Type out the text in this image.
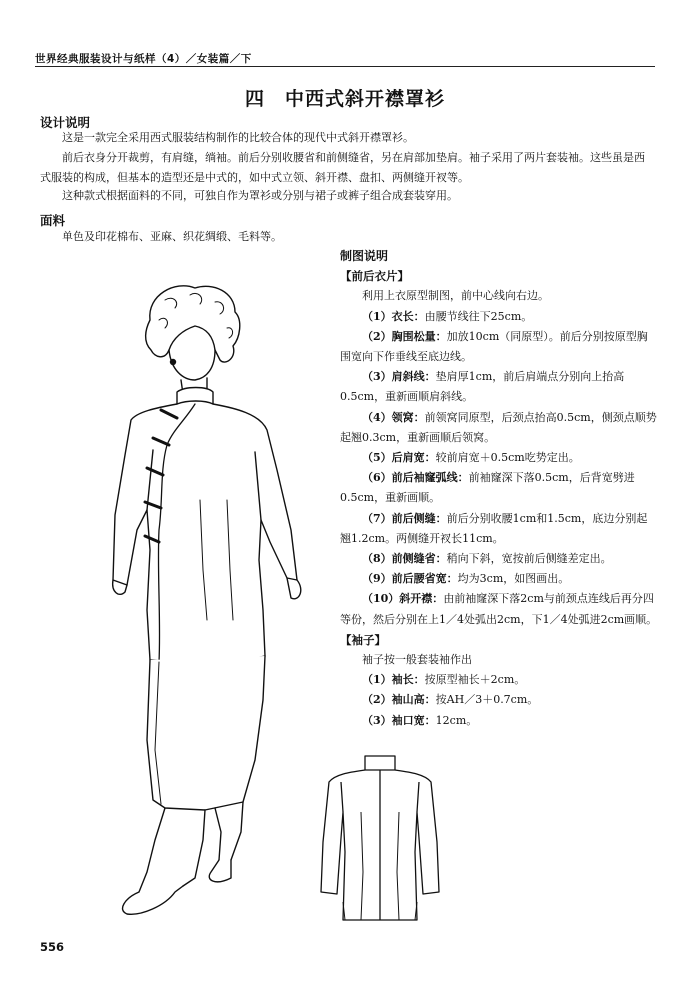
世界经典服装设计与纸样（4）／女装篇／下
四　中西式斜开襟罩衫
设计说明

这是一款完全采用西式服装结构制作的比较合体的现代中式斜开襟罩衫。

前后衣身分开裁剪，有肩缝，绱袖。前后分别收腰省和前侧缝省，另在肩部加垫肩。袖子采用了两片套装袖。这些虽是西式服装的构成，但基本的造型还是中式的，如中式立领、斜开襟、盘扣、两侧缝开衩等。

这种款式根据面料的不同，可独自作为罩衫或分别与裙子或裤子组合成套装穿用。

面料

单色及印花棉布、亚麻、织花绸缎、毛料等。

制图说明
【前后衣片】

利用上衣原型制图，前中心线向右边。

（1）衣长：由腰节线往下25cm。

（2）胸围松量：加放10cm（同原型）。前后分别按原型胸围宽向下作垂线至底边线。

（3）肩斜线：垫肩厚1cm，前后肩端点分别向上抬高0.5cm，重新画顺肩斜线。

（4）领窝：前领窝同原型，后颈点抬高0.5cm，侧颈点顺势起翘0.3cm，重新画顺后领窝。

（5）后肩宽：较前肩宽＋0.5cm吃势定出。

（6）前后袖窿弧线：前袖窿深下落0.5cm，后背宽劈进0.5cm，重新画顺。

（7）前后侧缝：前后分别收腰1cm和1.5cm，底边分别起翘1.2cm。两侧缝开衩长11cm。

（8）前侧缝省：稍向下斜，宽按前后侧缝差定出。

（9）前后腰省宽：均为3cm，如图画出。

（10）斜开襟：由前袖窿深下落2cm与前颈点连线后再分四等份，然后分别在上1／4处弧出2cm，下1／4处弧进2cm画顺。

【袖子】

袖子按一般套装袖作出

（1）袖长：按原型袖长＋2cm。

（2）袖山高：按AH／3＋0.7cm。

（3）袖口宽：12cm。

556
